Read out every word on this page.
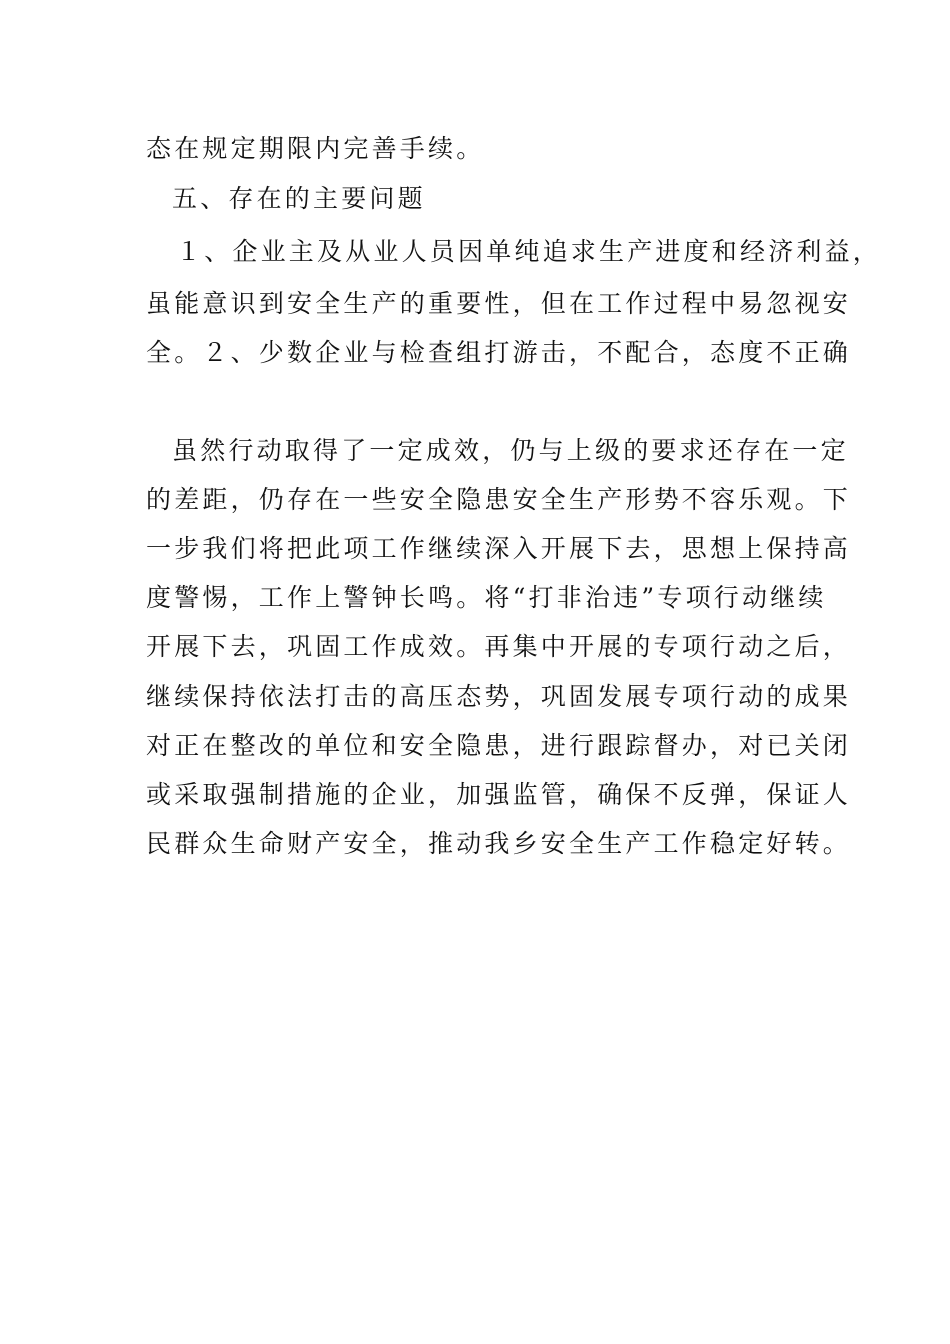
态在规定期限内完善手续。
五、存在的主要问题
１、企业主及从业人员因单纯追求生产进度和经济利益，
虽能意识到安全生产的重要性，但在工作过程中易忽视安
全。２、少数企业与检查组打游击，不配合，态度不正确
虽然行动取得了一定成效，仍与上级的要求还存在一定
的差距，仍存在一些安全隐患安全生产形势不容乐观。下
一步我们将把此项工作继续深入开展下去，思想上保持高
度警惕，工作上警钟长鸣。将“打非治违”专项行动继续
开展下去，巩固工作成效。再集中开展的专项行动之后，
继续保持依法打击的高压态势，巩固发展专项行动的成果
对正在整改的单位和安全隐患，进行跟踪督办，对已关闭
或采取强制措施的企业，加强监管，确保不反弹，保证人
民群众生命财产安全，推动我乡安全生产工作稳定好转。
